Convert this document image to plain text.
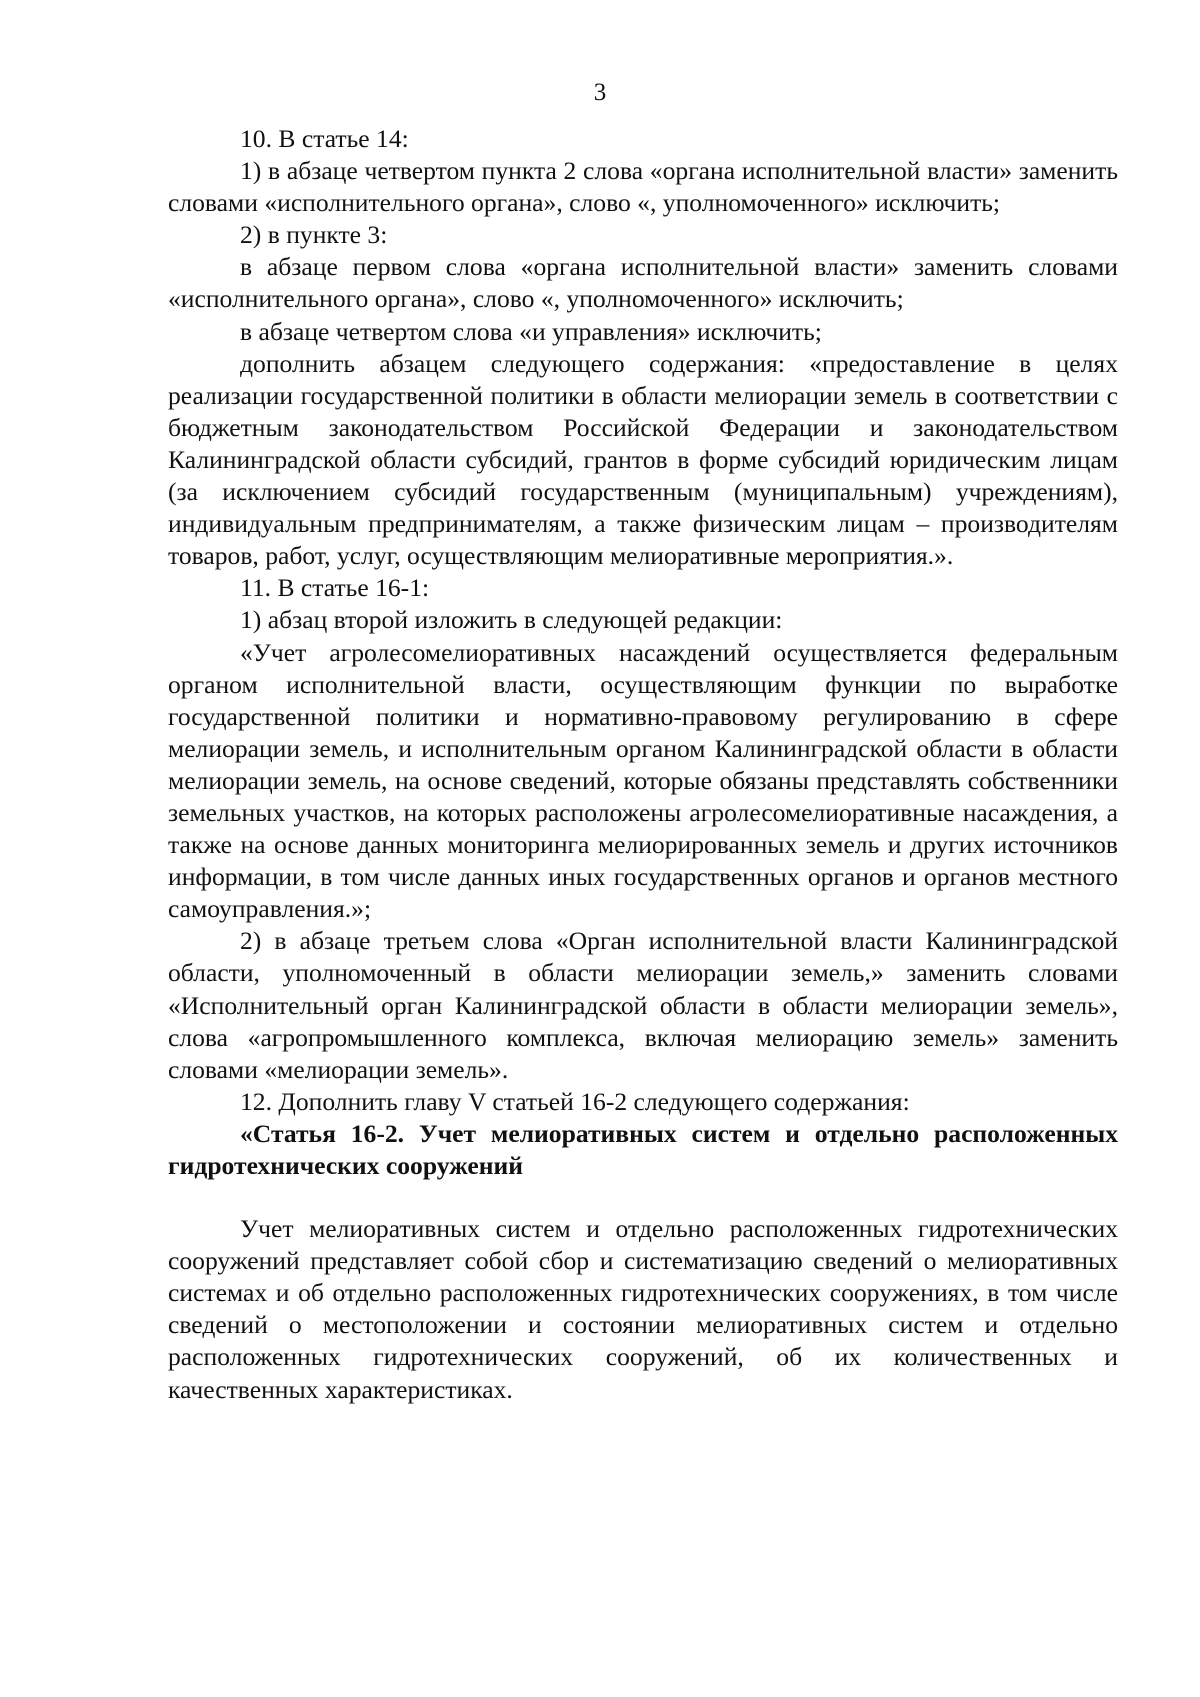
3

10. В статье 14:

1) в абзаце четвертом пункта 2 слова «органа исполнительной власти» заменить словами «исполнительного органа», слово «, уполномоченного» исключить;

2) в пункте 3:

в абзаце первом слова «органа исполнительной власти» заменить словами «исполнительного органа», слово «, уполномоченного» исключить;

в абзаце четвертом слова «и управления» исключить;

дополнить абзацем следующего содержания: «предоставление в целях реализации государственной политики в области мелиорации земель в соответствии с бюджетным законодательством Российской Федерации и законодательством Калининградской области субсидий, грантов в форме субсидий юридическим лицам (за исключением субсидий государственным (муниципальным) учреждениям), индивидуальным предпринимателям, а также физическим лицам – производителям товаров, работ, услуг, осуществляющим мелиоративные мероприятия.».

11. В статье 16-1:

1) абзац второй изложить в следующей редакции:

«Учет агролесомелиоративных насаждений осуществляется федеральным органом исполнительной власти, осуществляющим функции по выработке государственной политики и нормативно-правовому регулированию в сфере мелиорации земель, и исполнительным органом Калининградской области в области мелиорации земель, на основе сведений, которые обязаны представлять собственники земельных участков, на которых расположены агролесомелиоративные насаждения, а также на основе данных мониторинга мелиорированных земель и других источников информации, в том числе данных иных государственных органов и органов местного самоуправления.»;

2) в абзаце третьем слова «Орган исполнительной власти Калининградской области, уполномоченный в области мелиорации земель,» заменить словами «Исполнительный орган Калининградской области в области мелиорации земель», слова «агропромышленного комплекса, включая мелиорацию земель» заменить словами «мелиорации земель».

12. Дополнить главу V статьей 16-2 следующего содержания:

«Статья 16-2. Учет мелиоративных систем и отдельно расположенных гидротехнических сооружений

Учет мелиоративных систем и отдельно расположенных гидротехнических сооружений представляет собой сбор и систематизацию сведений о мелиоративных системах и об отдельно расположенных гидротехнических сооружениях, в том числе сведений о местоположении и состоянии мелиоративных систем и отдельно расположенных гидротехнических сооружений, об их количественных и качественных характеристиках.
